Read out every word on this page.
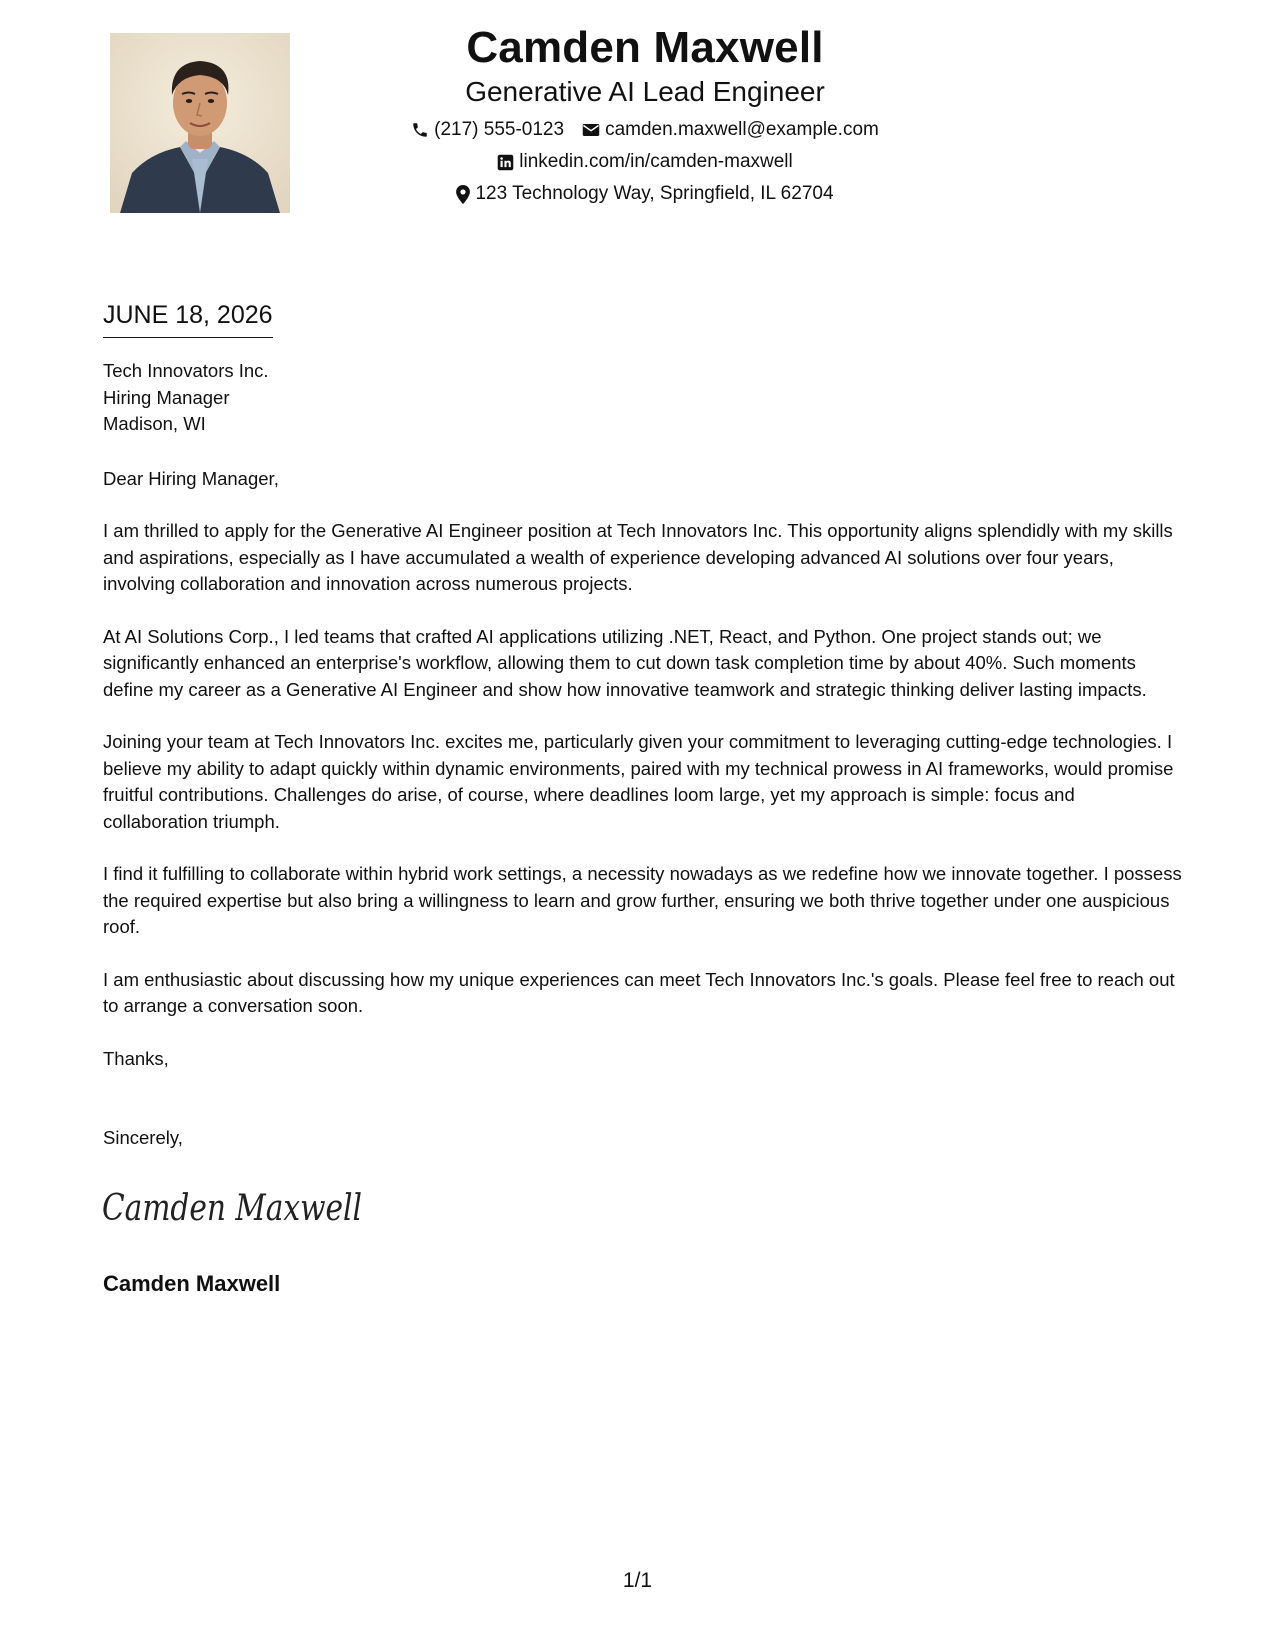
Camden Maxwell
Generative AI Lead Engineer
(217) 555-0123 camden.maxwell@example.com
linkedin.com/in/camden-maxwell
123 Technology Way, Springfield, IL 62704
JUNE 18, 2026
Tech Innovators Inc.
Hiring Manager
Madison, WI

Dear Hiring Manager,

I am thrilled to apply for the Generative AI Engineer position at Tech Innovators Inc. This opportunity aligns splendidly with my skills and aspirations, especially as I have accumulated a wealth of experience developing advanced AI solutions over four years, involving collaboration and innovation across numerous projects.

At AI Solutions Corp., I led teams that crafted AI applications utilizing .NET, React, and Python. One project stands out; we significantly enhanced an enterprise's workflow, allowing them to cut down task completion time by about 40%. Such moments define my career as a Generative AI Engineer and show how innovative teamwork and strategic thinking deliver lasting impacts.

Joining your team at Tech Innovators Inc. excites me, particularly given your commitment to leveraging cutting-edge technologies. I believe my ability to adapt quickly within dynamic environments, paired with my technical prowess in AI frameworks, would promise fruitful contributions. Challenges do arise, of course, where deadlines loom large, yet my approach is simple: focus and collaboration triumph.

I find it fulfilling to collaborate within hybrid work settings, a necessity nowadays as we redefine how we innovate together. I possess the required expertise but also bring a willingness to learn and grow further, ensuring we both thrive together under one auspicious roof.

I am enthusiastic about discussing how my unique experiences can meet Tech Innovators Inc.'s goals. Please feel free to reach out to arrange a conversation soon.

Thanks,

Sincerely,

Camden Maxwell
Camden Maxwell
1/1
